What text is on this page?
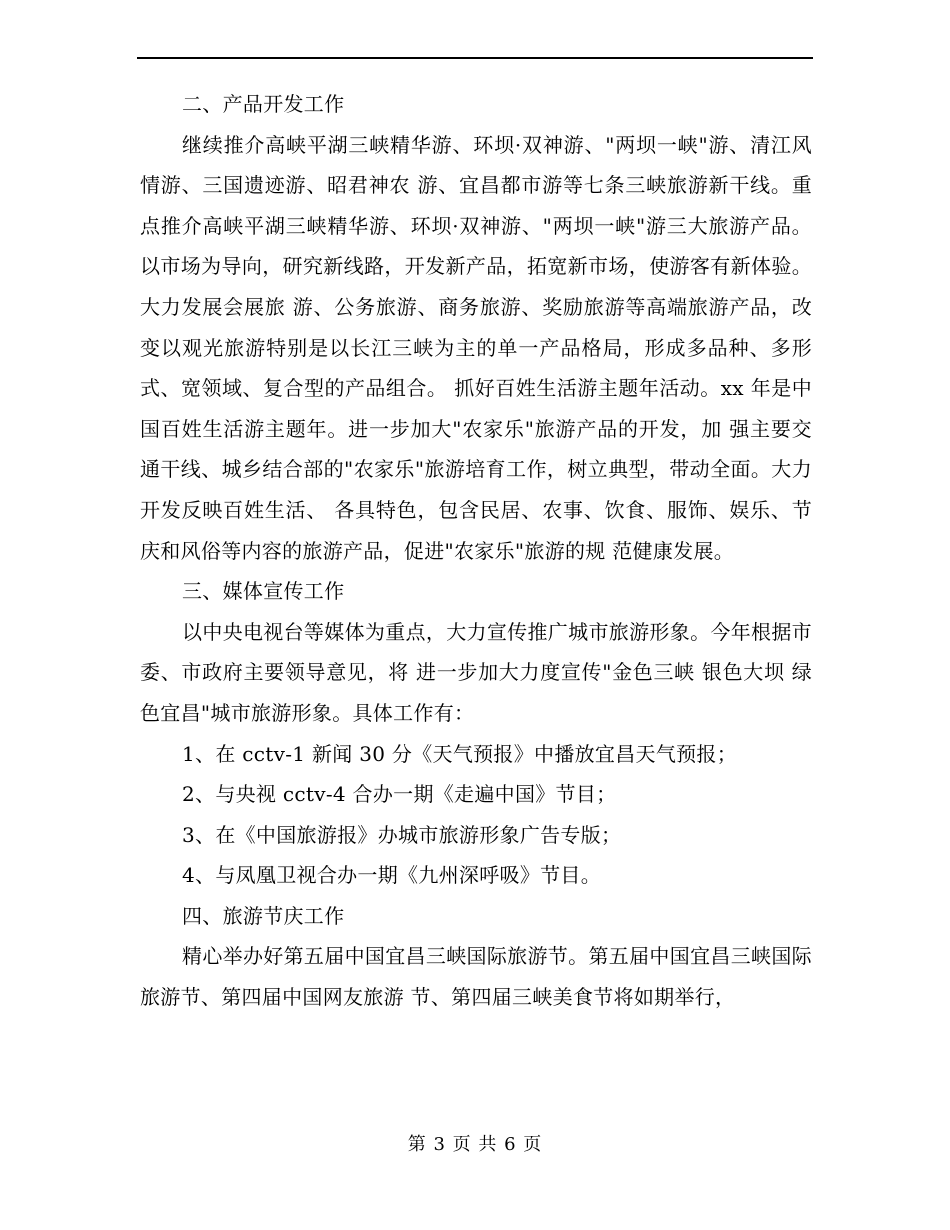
二、产品开发工作

继续推介高峡平湖三峡精华游、环坝·双神游、"两坝一峡"游、清江风情游、三国遗迹游、昭君神农 游、宜昌都市游等七条三峡旅游新干线。重点推介高峡平湖三峡精华游、环坝·双神游、"两坝一峡"游三大旅游产品。以市场为导向，研究新线路，开发新产品，拓宽新市场，使游客有新体验。大力发展会展旅 游、公务旅游、商务旅游、奖励旅游等高端旅游产品，改变以观光旅游特别是以长江三峡为主的单一产品格局，形成多品种、多形式、宽领域、复合型的产品组合。 抓好百姓生活游主题年活动。xx 年是中国百姓生活游主题年。进一步加大"农家乐"旅游产品的开发，加 强主要交通干线、城乡结合部的"农家乐"旅游培育工作，树立典型，带动全面。大力开发反映百姓生活、 各具特色，包含民居、农事、饮食、服饰、娱乐、节庆和风俗等内容的旅游产品，促进"农家乐"旅游的规 范健康发展。

三、媒体宣传工作

以中央电视台等媒体为重点，大力宣传推广城市旅游形象。今年根据市委、市政府主要领导意见，将 进一步加大力度宣传"金色三峡 银色大坝 绿色宜昌"城市旅游形象。具体工作有：

1、在 cctv-1 新闻 30 分《天气预报》中播放宜昌天气预报；

2、与央视 cctv-4 合办一期《走遍中国》节目；

3、在《中国旅游报》办城市旅游形象广告专版；

4、与凤凰卫视合办一期《九州深呼吸》节目。

四、旅游节庆工作

精心举办好第五届中国宜昌三峡国际旅游节。第五届中国宜昌三峡国际旅游节、第四届中国网友旅游 节、第四届三峡美食节将如期举行，

第 3 页 共 6 页
